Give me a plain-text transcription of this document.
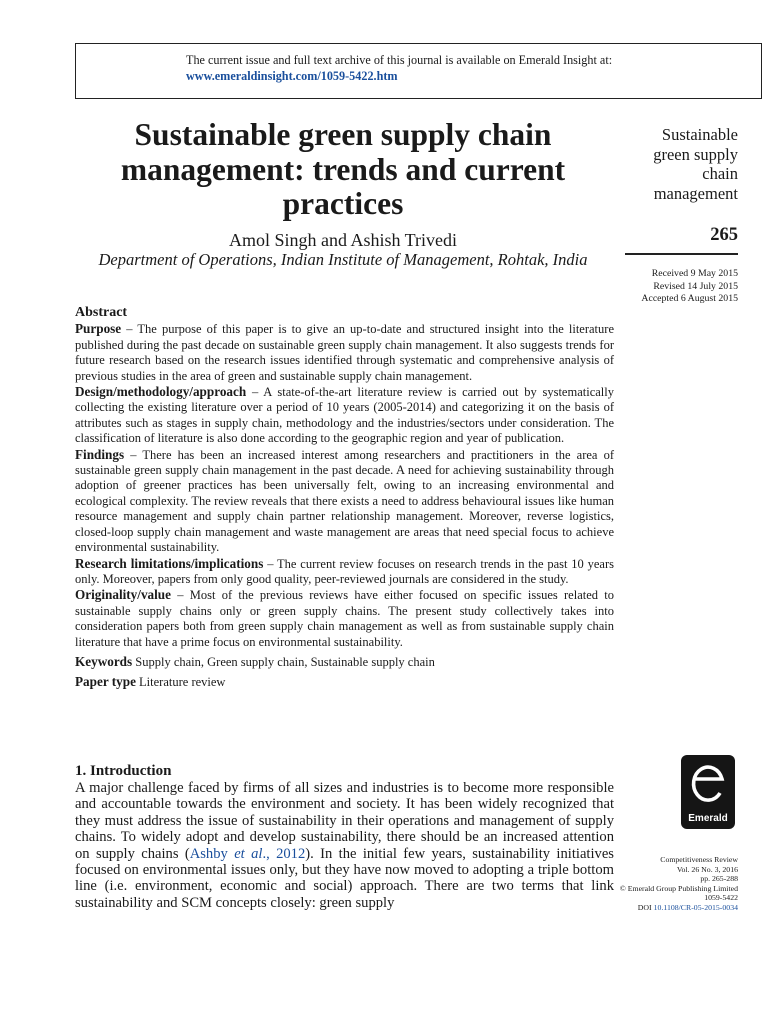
The current issue and full text archive of this journal is available on Emerald Insight at:
www.emeraldinsight.com/1059-5422.htm
Sustainable green supply chain management: trends and current practices
Amol Singh and Ashish Trivedi
Department of Operations, Indian Institute of Management, Rohtak, India
Sustainable
green supply
chain
management
265
Received 9 May 2015
Revised 14 July 2015
Accepted 6 August 2015
Abstract

Purpose – The purpose of this paper is to give an up-to-date and structured insight into the literature published during the past decade on sustainable green supply chain management. It also suggests trends for future research based on the research issues identified through systematic and comprehensive analysis of previous studies in the area of green and sustainable supply chain management.

Design/methodology/approach – A state-of-the-art literature review is carried out by systematically collecting the existing literature over a period of 10 years (2005-2014) and categorizing it on the basis of attributes such as stages in supply chain, methodology and the industries/sectors under consideration. The classification of literature is also done according to the geographic region and year of publication.

Findings – There has been an increased interest among researchers and practitioners in the area of sustainable green supply chain management in the past decade. A need for achieving sustainability through adoption of greener practices has been universally felt, owing to an increasing environmental and ecological complexity. The review reveals that there exists a need to address behavioural issues like human resource management and supply chain partner relationship management. Moreover, reverse logistics, closed-loop supply chain management and waste management are areas that need special focus to achieve environmental sustainability.

Research limitations/implications – The current review focuses on research trends in the past 10 years only. Moreover, papers from only good quality, peer-reviewed journals are considered in the study.

Originality/value – Most of the previous reviews have either focused on specific issues related to sustainable supply chains only or green supply chains. The present study collectively takes into consideration papers both from green supply chain management as well as from sustainable supply chain literature that have a prime focus on environmental sustainability.

Keywords Supply chain, Green supply chain, Sustainable supply chain

Paper type Literature review

1. Introduction

A major challenge faced by firms of all sizes and industries is to become more responsible and accountable towards the environment and society. It has been widely recognized that they must address the issue of sustainability in their operations and management of supply chains. To widely adopt and develop sustainability, there should be an increased attention on supply chains (Ashby et al., 2012). In the initial few years, sustainability initiatives focused on environmental issues only, but they have now moved to adopting a triple bottom line (i.e. environment, economic and social) approach. There are two terms that link sustainability and SCM concepts closely: green supply

Emerald
Competitiveness Review
Vol. 26 No. 3, 2016
pp. 265-288
© Emerald Group Publishing Limited
1059-5422
DOI 10.1108/CR-05-2015-0034
